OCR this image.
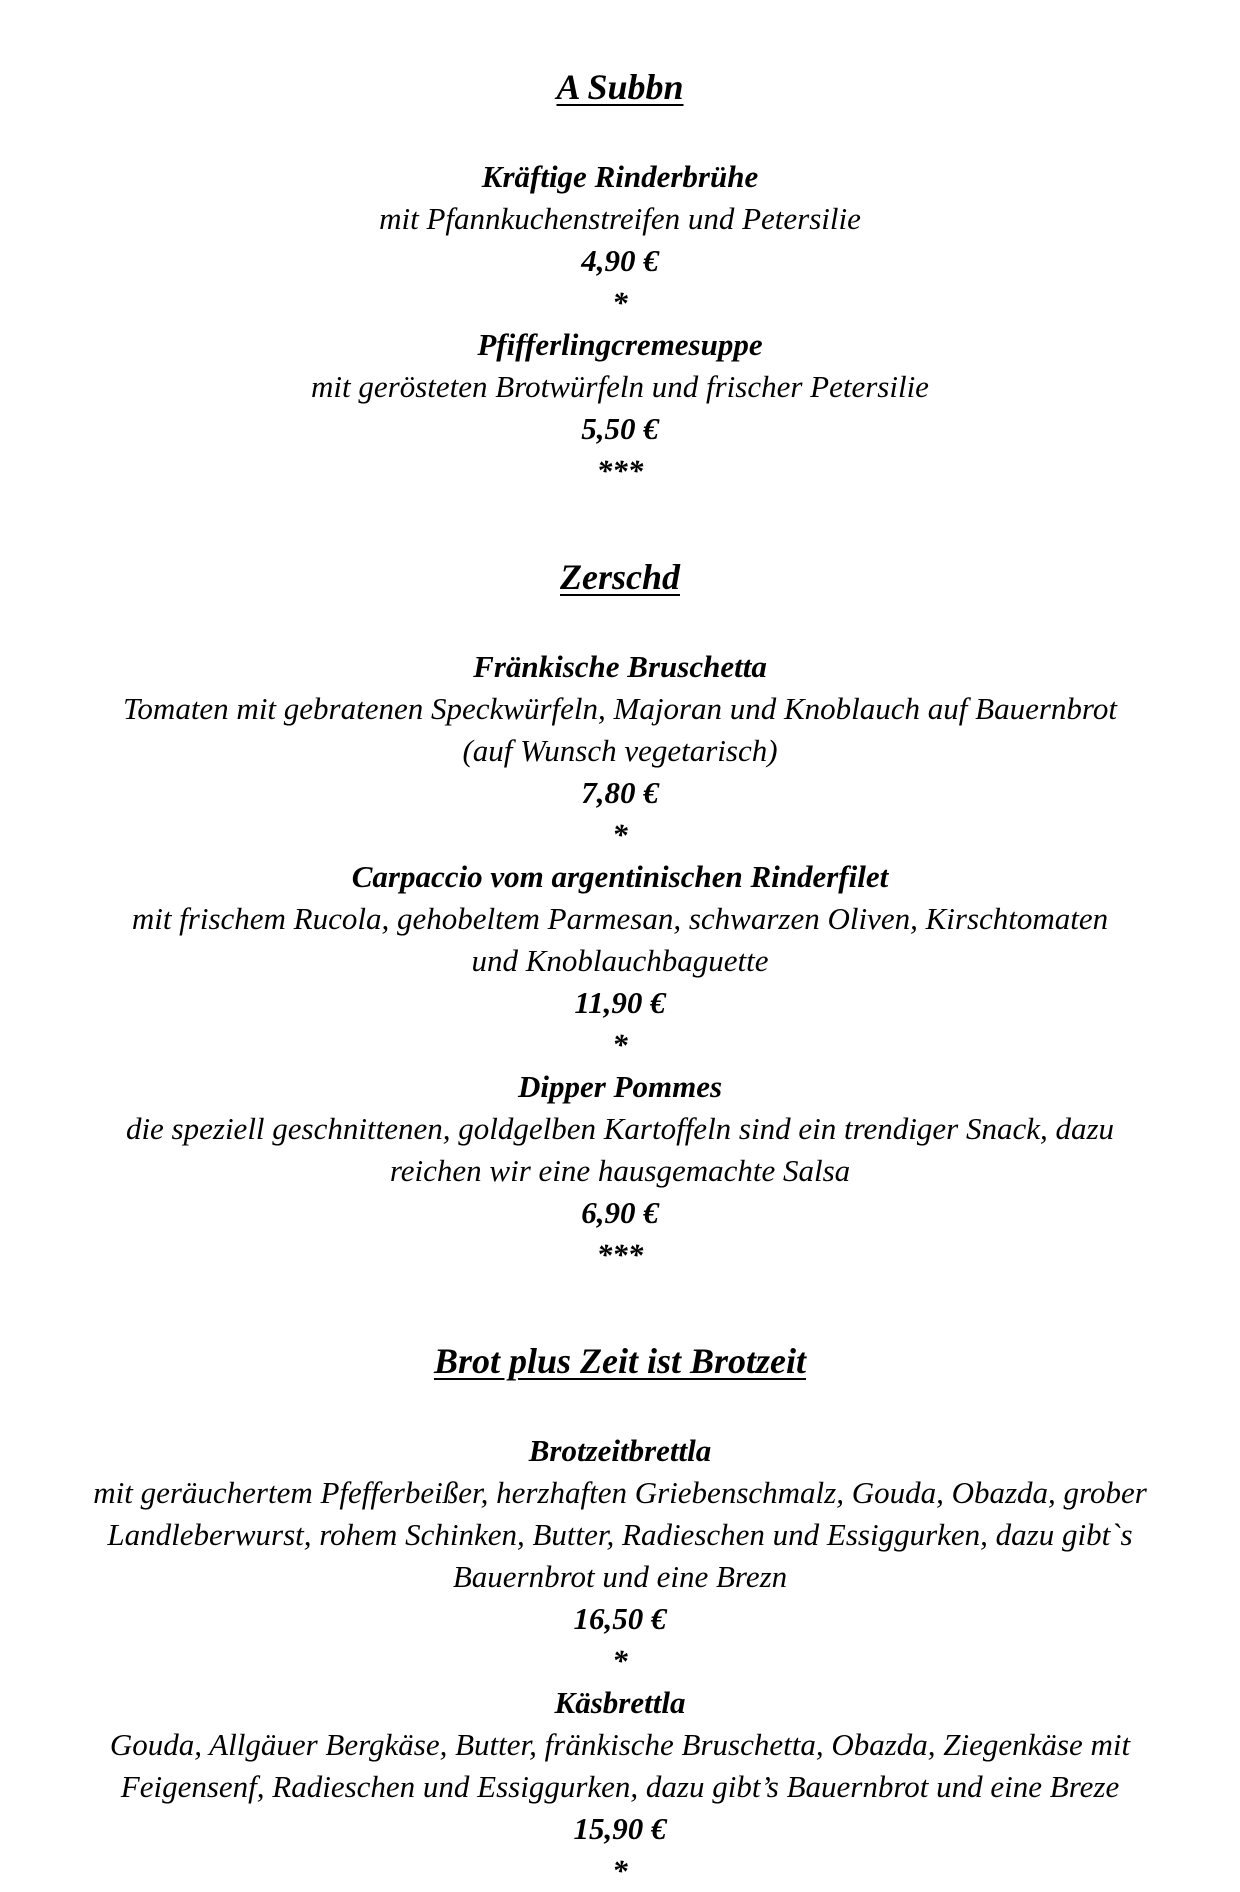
A Subbn

Kräftige Rinderbrühe

mit Pfannkuchenstreifen und Petersilie

4,90 €

*

Pfifferlingcremesuppe

mit gerösteten Brotwürfeln und frischer Petersilie

5,50 €

***

Zerschd

Fränkische Bruschetta

Tomaten mit gebratenen Speckwürfeln, Majoran und Knoblauch auf Bauernbrot

(auf Wunsch vegetarisch)

7,80 €

*

Carpaccio vom argentinischen Rinderfilet

mit frischem Rucola, gehobeltem Parmesan, schwarzen Oliven, Kirschtomaten

und Knoblauchbaguette

11,90 €

*

Dipper Pommes

die speziell geschnittenen, goldgelben Kartoffeln sind ein trendiger Snack, dazu

reichen wir eine hausgemachte Salsa

6,90 €

***

Brot plus Zeit ist Brotzeit

Brotzeitbrettla

mit geräuchertem Pfefferbeißer, herzhaften Griebenschmalz, Gouda, Obazda, grober

Landleberwurst, rohem Schinken, Butter, Radieschen und Essiggurken, dazu gibt`s

Bauernbrot und eine Brezn

16,50 €

*

Käsbrettla

Gouda, Allgäuer Bergkäse, Butter, fränkische Bruschetta, Obazda, Ziegenkäse mit

Feigensenf, Radieschen und Essiggurken, dazu gibt’s Bauernbrot und eine Breze

15,90 €

*
